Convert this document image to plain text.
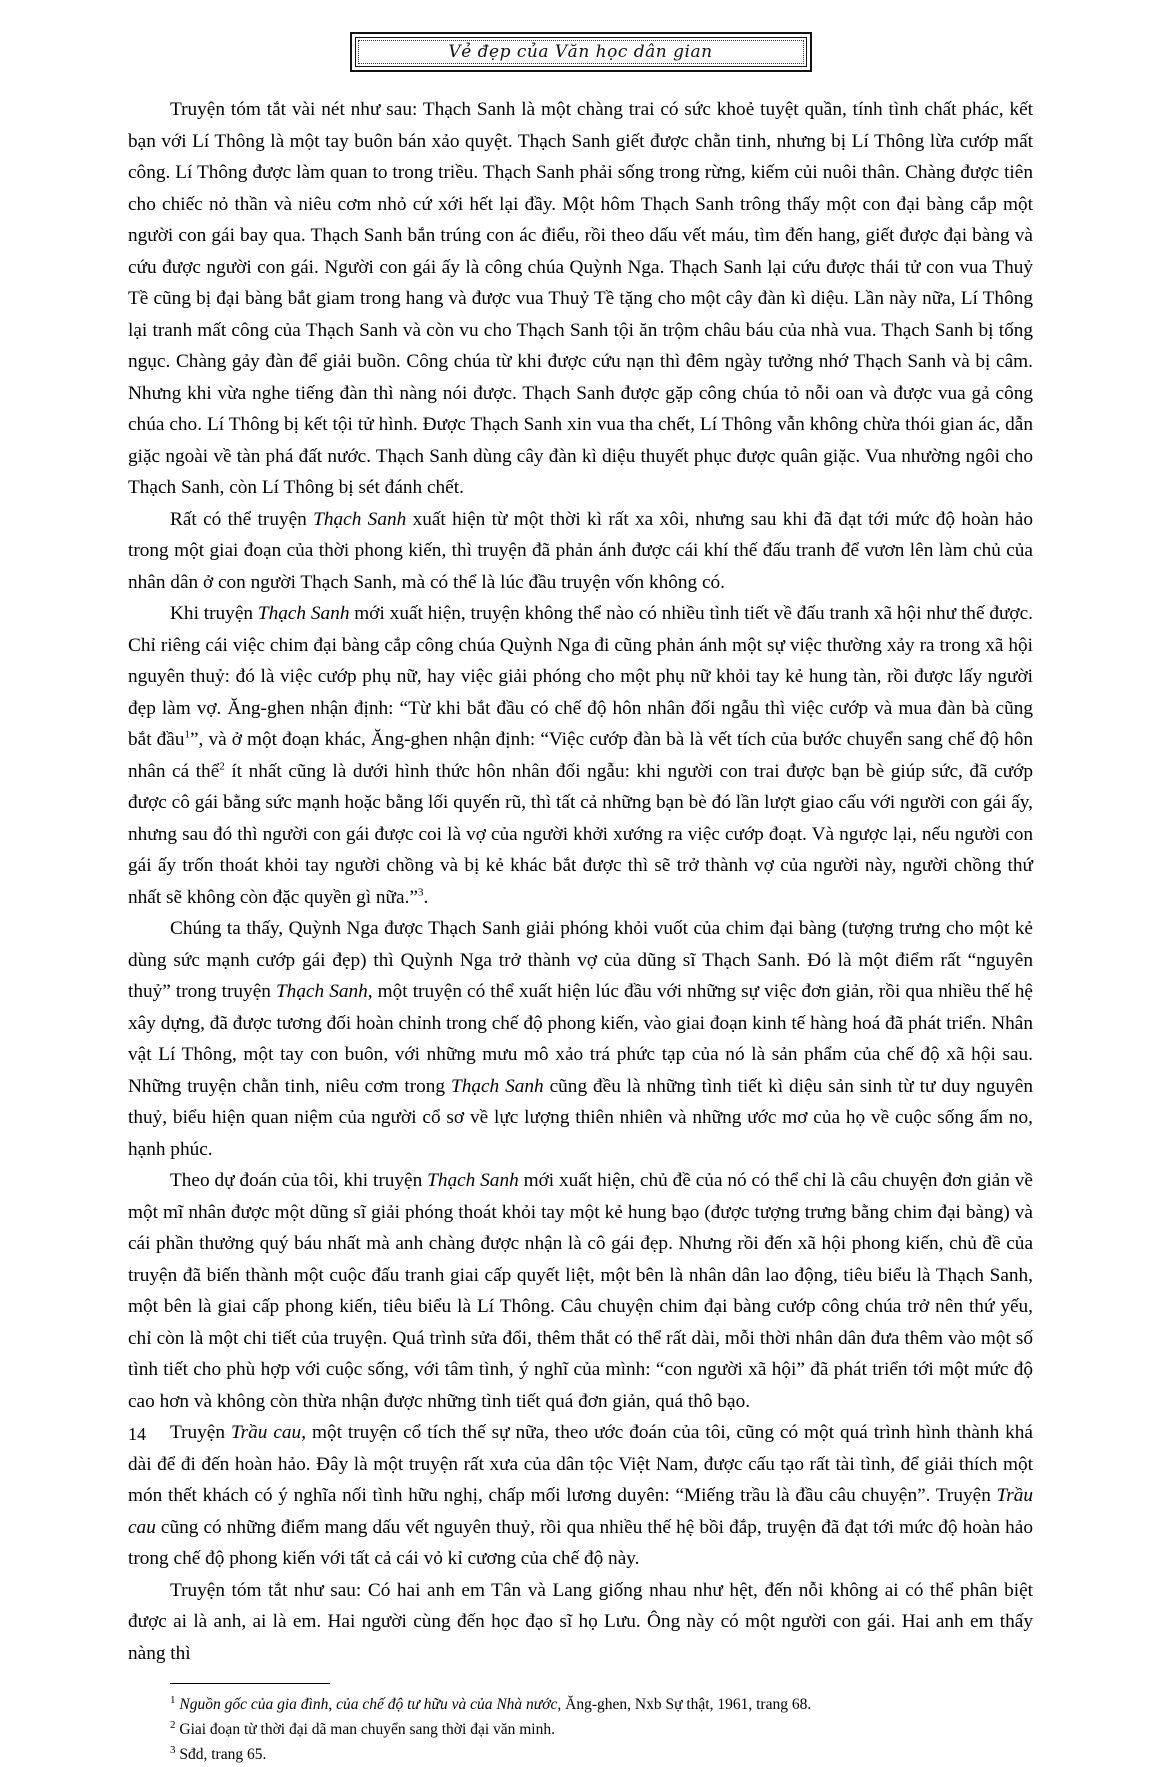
Vẻ đẹp của Văn học dân gian

Truyện tóm tắt vài nét như sau: Thạch Sanh là một chàng trai có sức khoẻ tuyệt quần, tính tình chất phác, kết bạn với Lí Thông là một tay buôn bán xảo quyệt. Thạch Sanh giết được chằn tinh, nhưng bị Lí Thông lừa cướp mất công. Lí Thông được làm quan to trong triều. Thạch Sanh phải sống trong rừng, kiếm củi nuôi thân. Chàng được tiên cho chiếc nỏ thần và niêu cơm nhỏ cứ xới hết lại đầy. Một hôm Thạch Sanh trông thấy một con đại bàng cắp một người con gái bay qua. Thạch Sanh bắn trúng con ác điểu, rồi theo dấu vết máu, tìm đến hang, giết được đại bàng và cứu được người con gái. Người con gái ấy là công chúa Quỳnh Nga. Thạch Sanh lại cứu được thái tử con vua Thuỷ Tề cũng bị đại bàng bắt giam trong hang và được vua Thuỷ Tề tặng cho một cây đàn kì diệu. Lần này nữa, Lí Thông lại tranh mất công của Thạch Sanh và còn vu cho Thạch Sanh tội ăn trộm châu báu của nhà vua. Thạch Sanh bị tống ngục. Chàng gảy đàn để giải buồn. Công chúa từ khi được cứu nạn thì đêm ngày tưởng nhớ Thạch Sanh và bị câm. Nhưng khi vừa nghe tiếng đàn thì nàng nói được. Thạch Sanh được gặp công chúa tỏ nỗi oan và được vua gả công chúa cho. Lí Thông bị kết tội tử hình. Được Thạch Sanh xin vua tha chết, Lí Thông vẫn không chừa thói gian ác, dẫn giặc ngoài về tàn phá đất nước. Thạch Sanh dùng cây đàn kì diệu thuyết phục được quân giặc. Vua nhường ngôi cho Thạch Sanh, còn Lí Thông bị sét đánh chết.

Rất có thể truyện Thạch Sanh xuất hiện từ một thời kì rất xa xôi, nhưng sau khi đã đạt tới mức độ hoàn hảo trong một giai đoạn của thời phong kiến, thì truyện đã phản ánh được cái khí thế đấu tranh để vươn lên làm chủ của nhân dân ở con người Thạch Sanh, mà có thể là lúc đầu truyện vốn không có.

Khi truyện Thạch Sanh mới xuất hiện, truyện không thể nào có nhiều tình tiết về đấu tranh xã hội như thế được. Chỉ riêng cái việc chim đại bàng cắp công chúa Quỳnh Nga đi cũng phản ánh một sự việc thường xảy ra trong xã hội nguyên thuỷ: đó là việc cướp phụ nữ, hay việc giải phóng cho một phụ nữ khỏi tay kẻ hung tàn, rồi được lấy người đẹp làm vợ. Ăng-ghen nhận định: “Từ khi bắt đầu có chế độ hôn nhân đối ngẫu thì việc cướp và mua đàn bà cũng bắt đầu$^1$”, và ở một đoạn khác, Ăng-ghen nhận định: “Việc cướp đàn bà là vết tích của bước chuyển sang chế độ hôn nhân cá thể$^2$ ít nhất cũng là dưới hình thức hôn nhân đối ngẫu: khi người con trai được bạn bè giúp sức, đã cướp được cô gái bằng sức mạnh hoặc bằng lối quyến rũ, thì tất cả những bạn bè đó lần lượt giao cấu với người con gái ấy, nhưng sau đó thì người con gái được coi là vợ của người khởi xướng ra việc cướp đoạt. Và ngược lại, nếu người con gái ấy trốn thoát khỏi tay người chồng và bị kẻ khác bắt được thì sẽ trở thành vợ của người này, người chồng thứ nhất sẽ không còn đặc quyền gì nữa.”$^3$.

Chúng ta thấy, Quỳnh Nga được Thạch Sanh giải phóng khỏi vuốt của chim đại bàng (tượng trưng cho một kẻ dùng sức mạnh cướp gái đẹp) thì Quỳnh Nga trở thành vợ của dũng sĩ Thạch Sanh. Đó là một điểm rất “nguyên thuỷ” trong truyện Thạch Sanh, một truyện có thể xuất hiện lúc đầu với những sự việc đơn giản, rồi qua nhiều thế hệ xây dựng, đã được tương đối hoàn chỉnh trong chế độ phong kiến, vào giai đoạn kinh tế hàng hoá đã phát triển. Nhân vật Lí Thông, một tay con buôn, với những mưu mô xảo trá phức tạp của nó là sản phẩm của chế độ xã hội sau. Những truyện chằn tinh, niêu cơm trong Thạch Sanh cũng đều là những tình tiết kì diệu sản sinh từ tư duy nguyên thuỷ, biểu hiện quan niệm của người cổ sơ về lực lượng thiên nhiên và những ước mơ của họ về cuộc sống ấm no, hạnh phúc.

Theo dự đoán của tôi, khi truyện Thạch Sanh mới xuất hiện, chủ đề của nó có thể chỉ là câu chuyện đơn giản về một mĩ nhân được một dũng sĩ giải phóng thoát khỏi tay một kẻ hung bạo (được tượng trưng bằng chim đại bàng) và cái phần thưởng quý báu nhất mà anh chàng được nhận là cô gái đẹp. Nhưng rồi đến xã hội phong kiến, chủ đề của truyện đã biến thành một cuộc đấu tranh giai cấp quyết liệt, một bên là nhân dân lao động, tiêu biểu là Thạch Sanh, một bên là giai cấp phong kiến, tiêu biểu là Lí Thông. Câu chuyện chim đại bàng cướp công chúa trở nên thứ yếu, chỉ còn là một chi tiết của truyện. Quá trình sửa đổi, thêm thắt có thể rất dài, mỗi thời nhân dân đưa thêm vào một số tình tiết cho phù hợp với cuộc sống, với tâm tình, ý nghĩ của mình: “con người xã hội” đã phát triển tới một mức độ cao hơn và không còn thừa nhận được những tình tiết quá đơn giản, quá thô bạo.

Truyện Trầu cau, một truyện cổ tích thế sự nữa, theo ước đoán của tôi, cũng có một quá trình hình thành khá dài để đi đến hoàn hảo. Đây là một truyện rất xưa của dân tộc Việt Nam, được cấu tạo rất tài tình, để giải thích một món thết khách có ý nghĩa nối tình hữu nghị, chấp mối lương duyên: “Miếng trầu là đầu câu chuyện”. Truyện Trầu cau cũng có những điểm mang dấu vết nguyên thuỷ, rồi qua nhiều thế hệ bồi đắp, truyện đã đạt tới mức độ hoàn hảo trong chế độ phong kiến với tất cả cái vỏ kỉ cương của chế độ này.

Truyện tóm tắt như sau: Có hai anh em Tân và Lang giống nhau như hệt, đến nỗi không ai có thể phân biệt được ai là anh, ai là em. Hai người cùng đến học đạo sĩ họ Lưu. Ông này có một người con gái. Hai anh em thấy nàng thì

$^1$ Nguồn gốc của gia đình, của chế độ tư hữu và của Nhà nước, Ăng-ghen, Nxb Sự thật, 1961, trang 68.

$^2$ Giai đoạn từ thời đại dã man chuyển sang thời đại văn minh.

$^3$ Sđd, trang 65.

14
